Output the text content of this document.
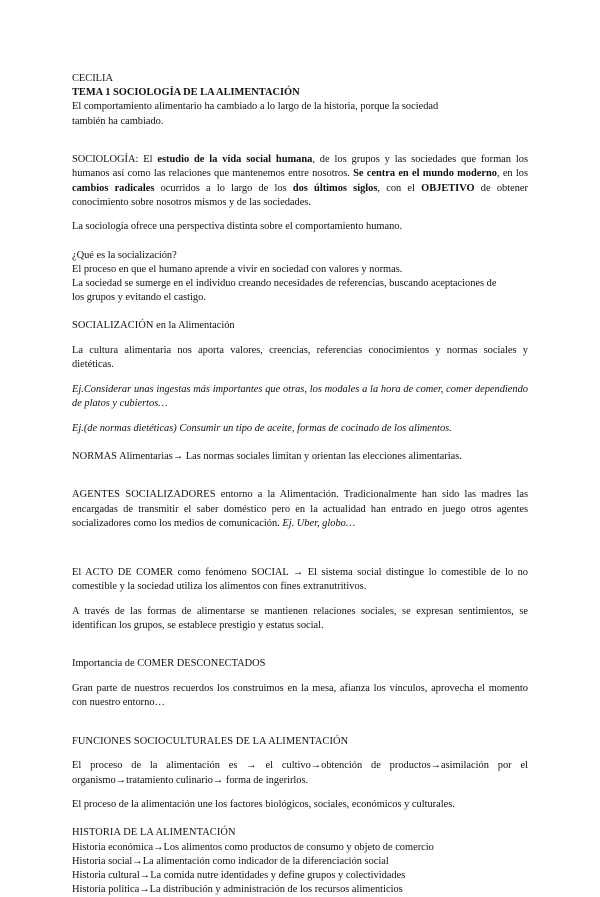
CECILIA

TEMA 1 SOCIOLOGÍA DE LA ALIMENTACIÓN

El comportamiento alimentario ha cambiado a lo largo de la historia, porque la sociedad

también ha cambiado.

SOCIOLOGÍA: El estudio de la vida social humana, de los grupos y las sociedades que forman los humanos así como las relaciones que mantenemos entre nosotros. Se centra en el mundo moderno, en los cambios radicales ocurridos a lo largo de los dos últimos siglos, con el OBJETIVO de obtener conocimiento sobre nosotros mismos y de las sociedades.

La sociología ofrece una perspectiva distinta sobre el comportamiento humano.

¿Qué es la socialización?

El proceso en que el humano aprende a vivir en sociedad con valores y normas.

La sociedad se sumerge en el individuo creando necesidades de referencias, buscando aceptaciones de

los grupos y evitando el castigo.

SOCIALIZACIÓN en la Alimentación

La cultura alimentaria nos aporta valores, creencias, referencias conocimientos y normas sociales y dietéticas.

Ej.Considerar unas ingestas más importantes que otras, los modales a la hora de comer, comer dependiendo de platos y cubiertos…

Ej.(de normas dietéticas) Consumir un tipo de aceite, formas de cocinado de los alimentos.

NORMAS Alimentarias→ Las normas sociales limitan y orientan las elecciones alimentarias.

AGENTES SOCIALIZADORES entorno a la Alimentación. Tradicionalmente han sido las madres las encargadas de transmitir el saber doméstico pero en la actualidad han entrado en juego otros agentes socializadores como los medios de comunicación. Ej. Uber, globo…

El ACTO DE COMER como fenómeno SOCIAL → El sistema social distingue lo comestible de lo no comestible y la sociedad utiliza los alimentos con fines extranutritivos.

A través de las formas de alimentarse se mantienen relaciones sociales, se expresan sentimientos, se identifican los grupos, se establece prestigio y estatus social.

Importancia de COMER DESCONECTADOS

Gran parte de nuestros recuerdos los construimos en la mesa, afianza los vínculos, aprovecha el momento con nuestro entorno…

FUNCIONES SOCIOCULTURALES DE LA ALIMENTACIÓN

El proceso de la alimentación es → el cultivo→obtención de productos→asimilación por el organismo→tratamiento culinario→ forma de ingerirlos.

El proceso de la alimentación une los factores biológicos, sociales, económicos y culturales.

HISTORIA DE LA ALIMENTACIÓN

Historia económica→Los alimentos como productos de consumo y objeto de comercio

Historia social→La alimentación como indicador de la diferenciación social

Historia cultural→La comida nutre identidades y define grupos y colectividades

Historia política→La distribución y administración de los recursos alimenticios
